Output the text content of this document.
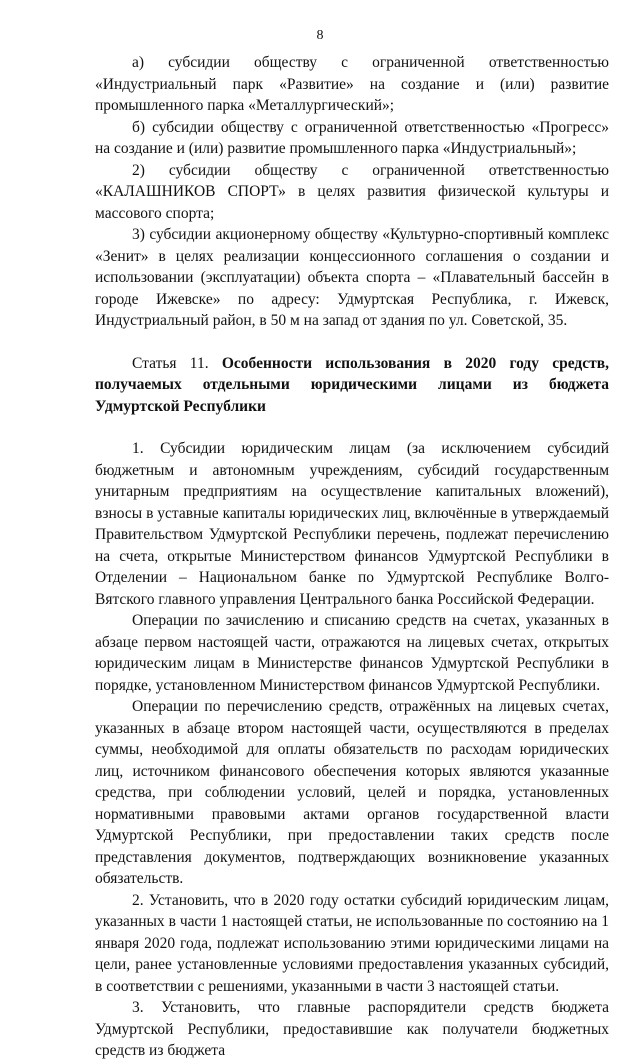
8

а) субсидии обществу с ограниченной ответственностью «Индустриальный парк «Развитие» на создание и (или) развитие промышленного парка «Металлургический»;

б) субсидии обществу с ограниченной ответственностью «Прогресс» на создание и (или) развитие промышленного парка «Индустриальный»;

2) субсидии обществу с ограниченной ответственностью «КАЛАШНИКОВ СПОРТ» в целях развития физической культуры и массового спорта;

3) субсидии акционерному обществу «Культурно-спортивный комплекс «Зенит» в целях реализации концессионного соглашения о создании и использовании (эксплуатации) объекта спорта – «Плавательный бассейн в городе Ижевске» по адресу: Удмуртская Республика, г. Ижевск, Индустриальный район, в 50 м на запад от здания по ул. Советской, 35.

Статья 11. Особенности использования в 2020 году средств, получаемых отдельными юридическими лицами из бюджета Удмуртской Республики

1. Субсидии юридическим лицам (за исключением субсидий бюджетным и автономным учреждениям, субсидий государственным унитарным предприятиям на осуществление капитальных вложений), взносы в уставные капиталы юридических лиц, включённые в утверждаемый Правительством Удмуртской Республики перечень, подлежат перечислению на счета, открытые Министерством финансов Удмуртской Республики в Отделении – Национальном банке по Удмуртской Республике Волго-Вятского главного управления Центрального банка Российской Федерации.

Операции по зачислению и списанию средств на счетах, указанных в абзаце первом настоящей части, отражаются на лицевых счетах, открытых юридическим лицам в Министерстве финансов Удмуртской Республики в порядке, установленном Министерством финансов Удмуртской Республики.

Операции по перечислению средств, отражённых на лицевых счетах, указанных в абзаце втором настоящей части, осуществляются в пределах суммы, необходимой для оплаты обязательств по расходам юридических лиц, источником финансового обеспечения которых являются указанные средства, при соблюдении условий, целей и порядка, установленных нормативными правовыми актами органов государственной власти Удмуртской Республики, при предоставлении таких средств после представления документов, подтверждающих возникновение указанных обязательств.

2. Установить, что в 2020 году остатки субсидий юридическим лицам, указанных в части 1 настоящей статьи, не использованные по состоянию на 1 января 2020 года, подлежат использованию этими юридическими лицами на цели, ранее установленные условиями предоставления указанных субсидий, в соответствии с решениями, указанными в части 3 настоящей статьи.

3. Установить, что главные распорядители средств бюджета Удмуртской Республики, предоставившие как получатели бюджетных средств из бюджета
